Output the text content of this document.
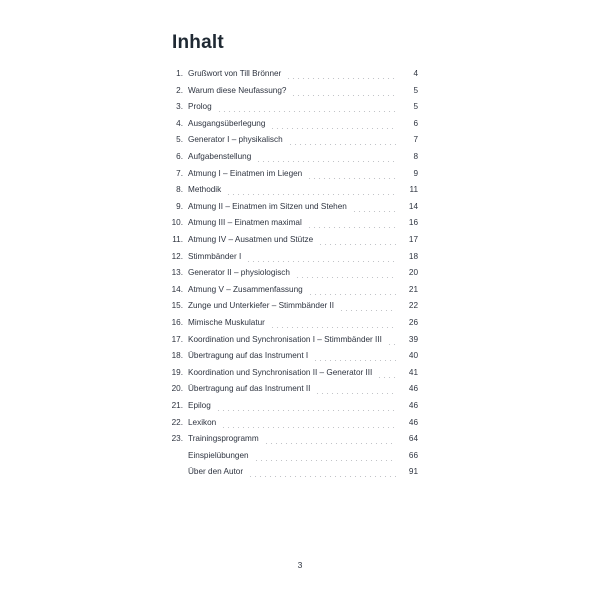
Inhalt
1. Grußwort von Till Brönner	4
2. Warum diese Neufassung?	5
3. Prolog	5
4. Ausgangsüberlegung	6
5. Generator I – physikalisch	7
6. Aufgabenstellung	8
7. Atmung I – Einatmen im Liegen	9
8. Methodik	11
9. Atmung II – Einatmen im Sitzen und Stehen	14
10. Atmung III – Einatmen maximal	16
11. Atmung IV – Ausatmen und Stütze	17
12. Stimmbänder I	18
13. Generator II – physiologisch	20
14. Atmung V – Zusammenfassung	21
15. Zunge und Unterkiefer – Stimmbänder II	22
16. Mimische Muskulatur	26
17. Koordination und Synchronisation I – Stimmbänder III	39
18. Übertragung auf das Instrument I	40
19. Koordination und Synchronisation II – Generator III	41
20. Übertragung auf das Instrument II	46
21. Epilog	46
22. Lexikon	46
23. Trainingsprogramm	64
Einspielübungen	66
Über den Autor	91
3
